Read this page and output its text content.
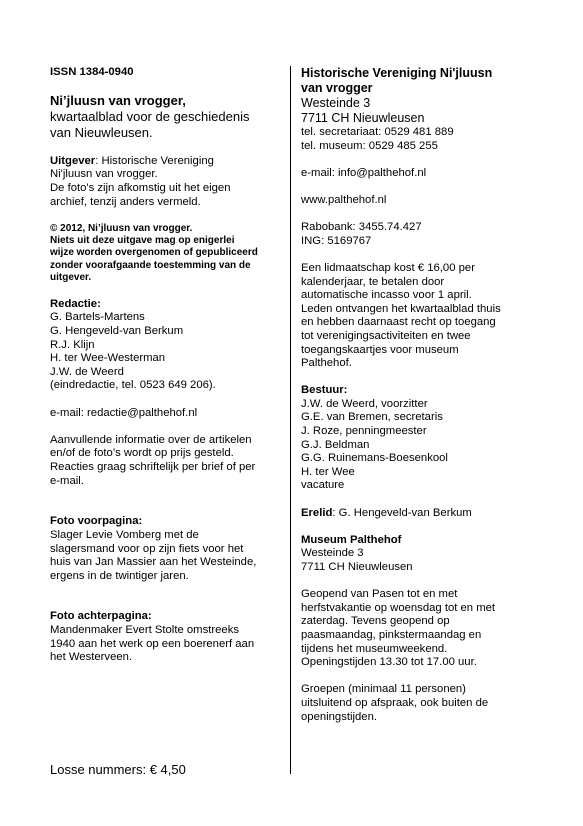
ISSN 1384-0940
Ni’jluusn van vrogger,
kwartaalblad voor de geschiedenis
van Nieuwleusen.
Uitgever: Historische Vereniging
Ni'jluusn van vrogger.
De foto's zijn afkomstig uit het eigen
archief, tenzij anders vermeld.
© 2012, Ni’jluusn van vrogger.
Niets uit deze uitgave mag op enigerlei
wijze worden overgenomen of gepubliceerd
zonder voorafgaande toestemming van de
uitgever.
Redactie:
G. Bartels-Martens
G. Hengeveld-van Berkum
R.J. Klijn
H. ter Wee-Westerman
J.W. de Weerd
(eindredactie, tel. 0523 649 206).
e-mail: redactie@palthehof.nl
Aanvullende informatie over de artikelen
en/of de foto’s wordt op prijs gesteld.
Reacties graag schriftelijk per brief of per
e-mail.
Foto voorpagina:
Slager Levie Vomberg met de
slagersmand voor op zijn fiets voor het
huis van Jan Massier aan het Westeinde,
ergens in de twintiger jaren.
Foto achterpagina:
Mandenmaker Evert Stolte omstreeks
1940 aan het werk op een boerenerf aan
het Westerveen.
Losse nummers: € 4,50
Historische Vereniging Ni'jluusn
van vrogger
Westeinde 3
7711 CH Nieuwleusen
tel. secretariaat: 0529 481 889
tel. museum: 0529 485 255
e-mail: info@palthehof.nl
www.palthehof.nl
Rabobank: 3455.74.427
ING: 5169767
Een lidmaatschap kost € 16,00 per
kalenderjaar, te betalen door
automatische incasso voor 1 april.
Leden ontvangen het kwartaalblad thuis
en hebben daarnaast recht op toegang
tot verenigingsactiviteiten en twee
toegangskaartjes voor museum
Palthehof.
Bestuur:
J.W. de Weerd, voorzitter
G.E. van Bremen, secretaris
J. Roze, penningmeester
G.J. Beldman
G.G. Ruinemans-Boesenkool
H. ter Wee
vacature
Erelid: G. Hengeveld-van Berkum
Museum Palthehof
Westeinde 3
7711 CH Nieuwleusen
Geopend van Pasen tot en met
herfstvakantie op woensdag tot en met
zaterdag. Tevens geopend op
paasmaandag, pinkstermaandag en
tijdens het museumweekend.
Openingstijden 13.30 tot 17.00 uur.
Groepen (minimaal 11 personen)
uitsluitend op afspraak, ook buiten de
openingstijden.
